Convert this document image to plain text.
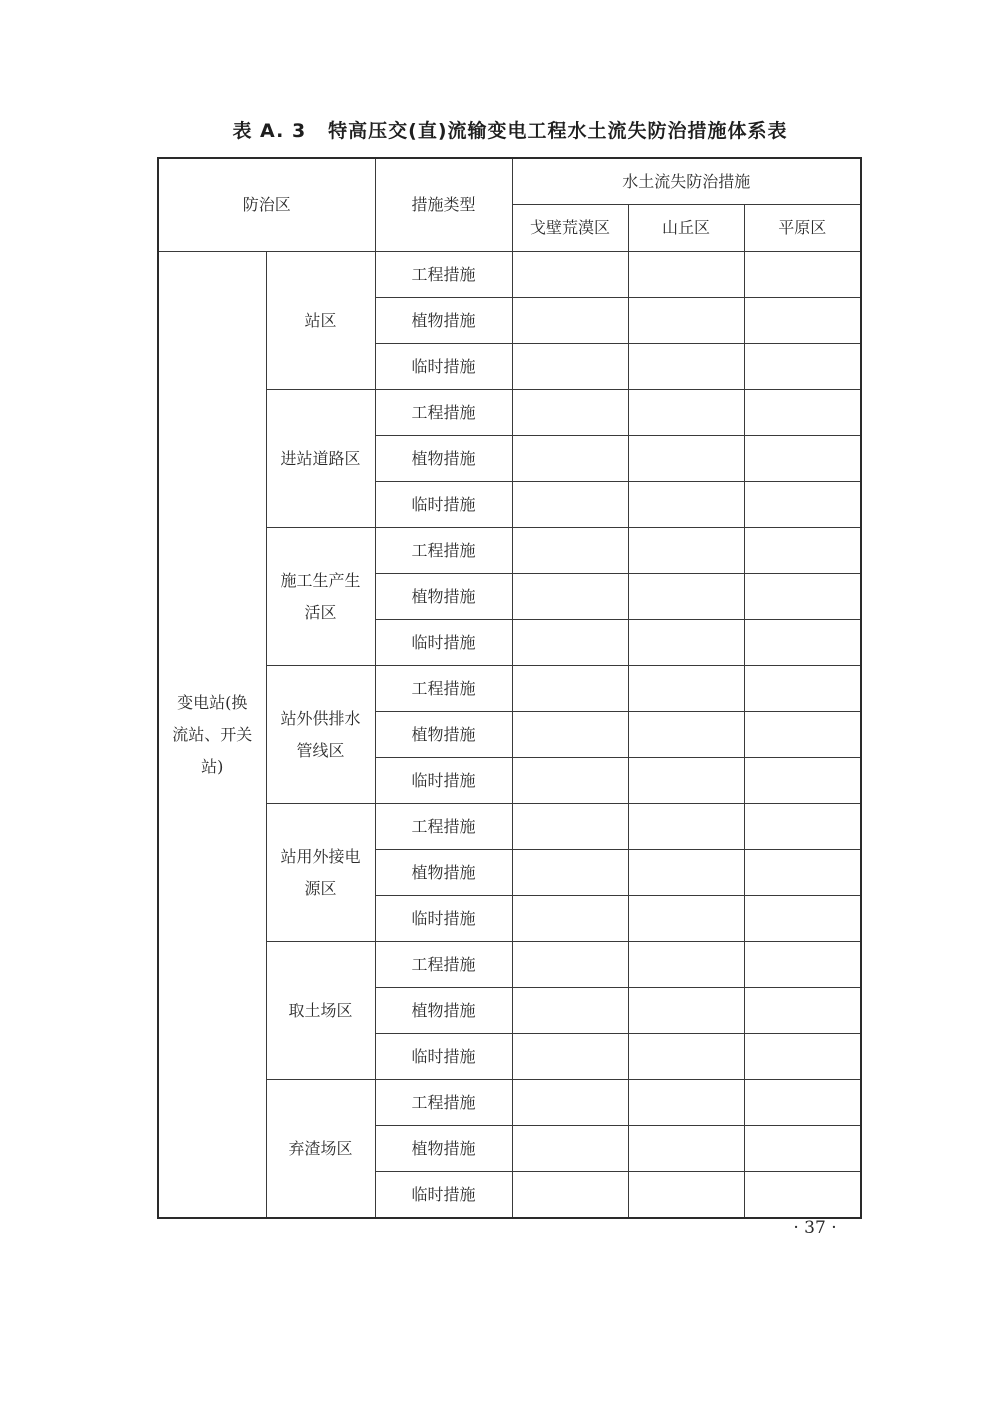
表 A. 3 特高压交(直)流输变电工程水土流失防治措施体系表
防治区		措施类型	水土流失防治措施		
			戈壁荒漠区	山丘区	平原区
变电站(换流站、开关站)	站区	工程措施			
		植物措施			
		临时措施			
	进站道路区	工程措施			
		植物措施			
		临时措施			
	施工生产生活区	工程措施			
		植物措施			
		临时措施			
	站外供排水管线区	工程措施			
		植物措施			
		临时措施			
	站用外接电源区	工程措施			
		植物措施			
		临时措施			
	取土场区	工程措施			
		植物措施			
		临时措施			
	弃渣场区	工程措施			
		植物措施			
		临时措施			
· 37 ·
